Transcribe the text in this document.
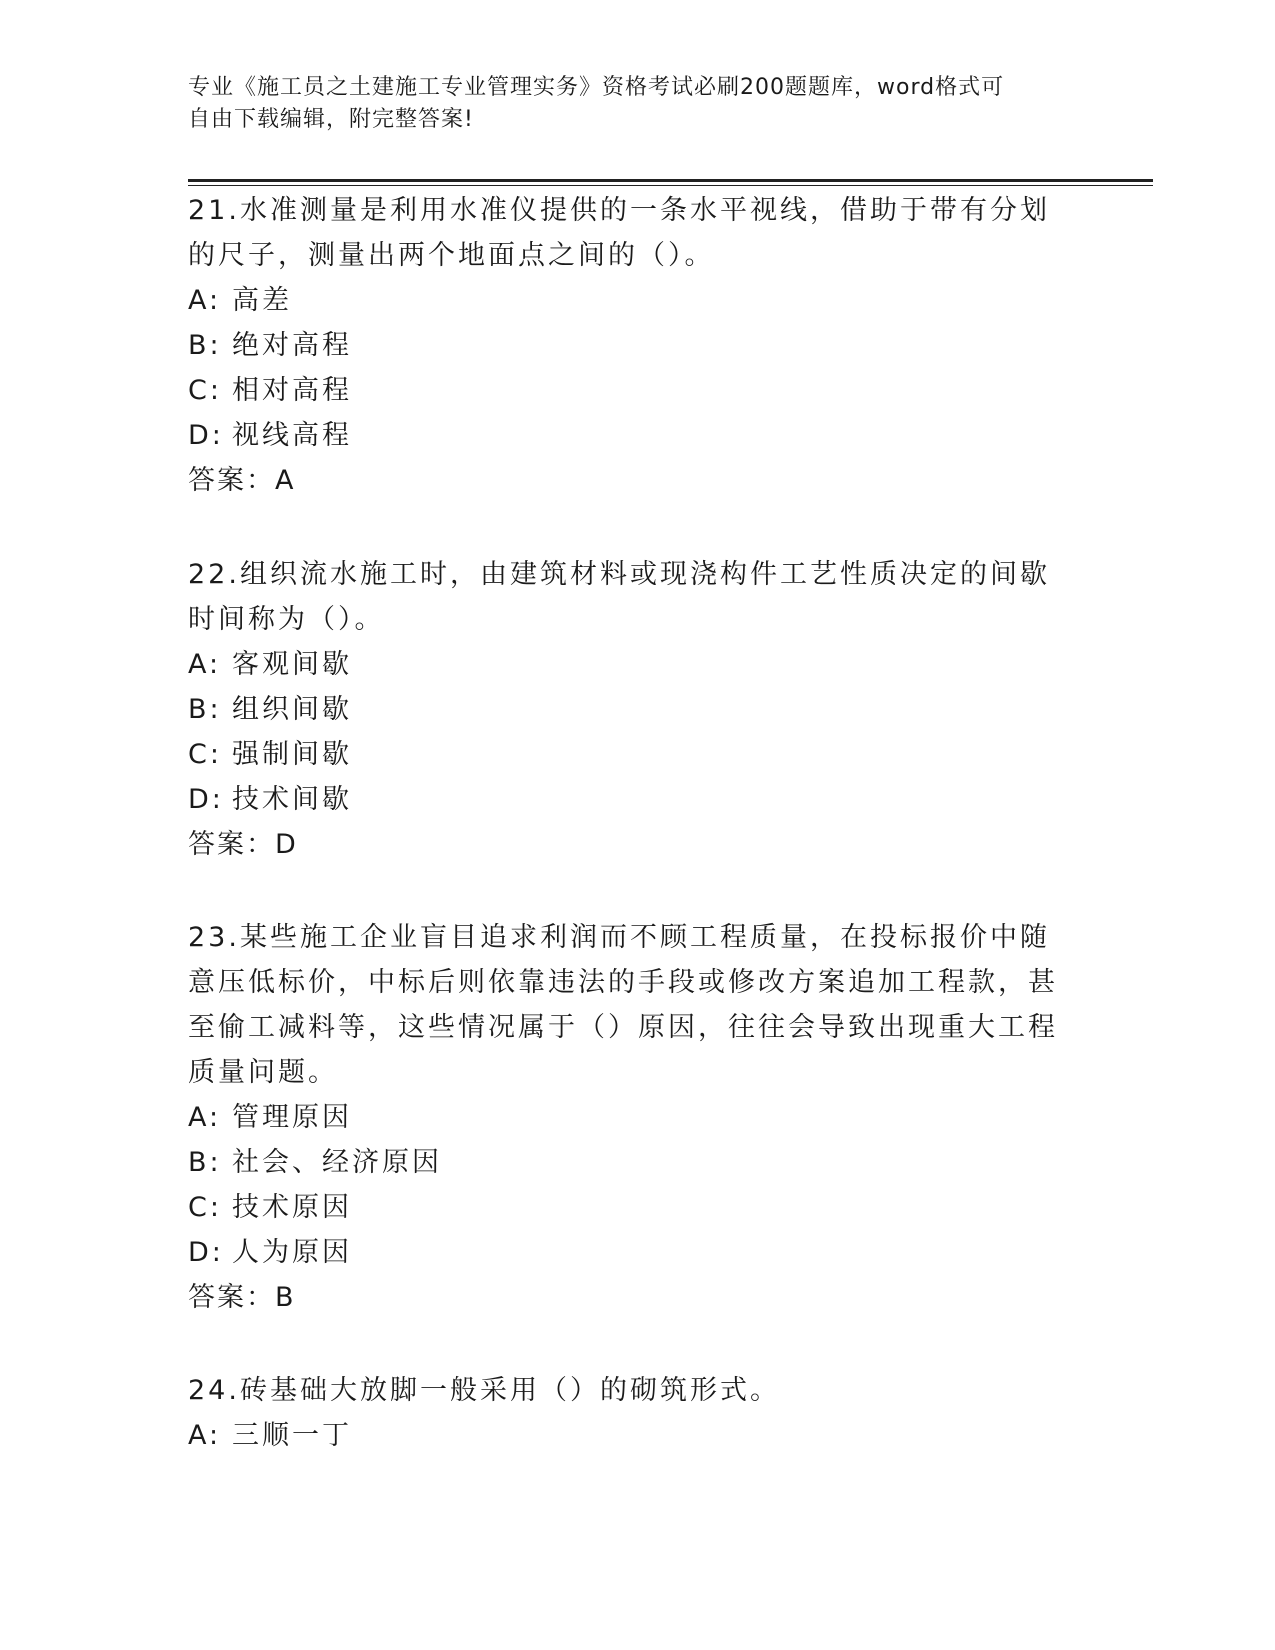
专业《施工员之土建施工专业管理实务》资格考试必刷200题题库，word格式可
自由下载编辑，附完整答案!

21.水准测量是利用水准仪提供的一条水平视线，借助于带有分划的尺子，测量出两个地面点之间的（）。

A: 高差

B: 绝对高程

C: 相对高程

D: 视线高程

答案：A

22.组织流水施工时，由建筑材料或现浇构件工艺性质决定的间歇时间称为（）。

A: 客观间歇

B: 组织间歇

C: 强制间歇

D: 技术间歇

答案：D

23.某些施工企业盲目追求利润而不顾工程质量，在投标报价中随意压低标价，中标后则依靠违法的手段或修改方案追加工程款，甚至偷工减料等，这些情况属于（）原因，往往会导致出现重大工程质量问题。

A: 管理原因

B: 社会、经济原因

C: 技术原因

D: 人为原因

答案：B

24.砖基础大放脚一般采用（）的砌筑形式。

A: 三顺一丁
